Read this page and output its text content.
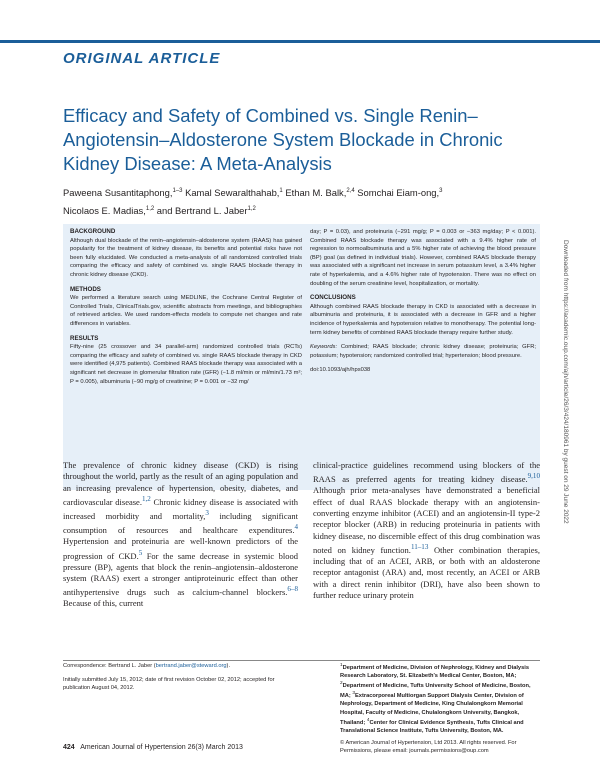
ORIGINAL ARTICLE
Efficacy and Safety of Combined vs. Single Renin–
Angiotensin–Aldosterone System Blockade in Chronic
Kidney Disease: A Meta-Analysis
Paweena Susantitaphong,$^{1-3}$ Kamal Sewaralthahab,$^1$ Ethan M. Balk,$^{2,4}$ Somchai Eiam-ong,$^3$
Nicolaos E. Madias,$^{1,2}$ and Bertrand L. Jaber$^{1,2}$

BACKGROUND

Although dual blockade of the renin–angiotensin–aldosterone system (RAAS) has gained popularity for the treatment of kidney disease, its benefits and potential risks have not been fully elucidated. We conducted a meta-analysis of all randomized controlled trials comparing the efficacy and safety of combined vs. single RAAS blockade therapy in chronic kidney disease (CKD).

METHODS

We performed a literature search using MEDLINE, the Cochrane Central Register of Controlled Trials, ClinicalTrials.gov, scientific abstracts from meetings, and bibliographies of retrieved articles. We used random-effects models to compute net changes and rate differences in variables.

RESULTS

Fifty-nine (25 crossover and 34 parallel-arm) randomized controlled trials (RCTs) comparing the efficacy and safety of combined vs. single RAAS blockade therapy in CKD were identified (4,975 patients). Combined RAAS blockade therapy was associated with a significant net decrease in glomerular filtration rate (GFR) (−1.8 ml/min or ml/min/1.73 m²; P = 0.005), albuminuria (−90 mg/g of creatinine; P = 0.001 or −32 mg/

day; P = 0.03), and proteinuria (−291 mg/g; P = 0.003 or −363 mg/day; P < 0.001). Combined RAAS blockade therapy was associated with a 9.4% higher rate of regression to normoalbuminuria and a 5% higher rate of achieving the blood pressure (BP) goal (as defined in individual trials). However, combined RAAS blockade therapy was associated with a significant net increase in serum potassium level, a 3.4% higher rate of hyperkalemia, and a 4.6% higher rate of hypotension. There was no effect on doubling of the serum creatinine level, hospitalization, or mortality.

CONCLUSIONS

Although combined RAAS blockade therapy in CKD is associated with a decrease in albuminuria and proteinuria, it is associated with a decrease in GFR and a higher incidence of hyperkalemia and hypotension relative to monotherapy. The potential long-term kidney benefits of combined RAAS blockade therapy require further study.

Keywords: Combined; RAAS blockade; chronic kidney disease; proteinuria; GFR; potassium; hypotension; randomized controlled trial; hypertension; blood pressure.

doi:10.1093/ajh/hps038

The prevalence of chronic kidney disease (CKD) is rising throughout the world, partly as the result of an aging population and an increasing prevalence of hypertension, obesity, diabetes, and cardiovascular disease.$^{1,2}$ Chronic kidney disease is associated with increased morbidity and mortality,$^3$ including significant consumption of resources and healthcare expenditures.$^4$ Hypertension and proteinuria are well-known predictors of the progression of CKD.$^5$ For the same decrease in systemic blood pressure (BP), agents that block the renin–angiotensin–aldosterone system (RAAS) exert a stronger antiproteinuric effect than other antihypertensive drugs such as calcium-channel blockers.$^{6-8}$ Because of this, current

clinical-practice guidelines recommend using blockers of the RAAS as preferred agents for treating kidney disease.$^{9,10}$ Although prior meta-analyses have demonstrated a beneficial effect of dual RAAS blockade therapy with an angiotensin-converting enzyme inhibitor (ACEI) and an angiotensin-II type-2 receptor blocker (ARB) in reducing proteinuria in patients with kidney disease, no discernible effect of this drug combination was noted on kidney function.$^{11-13}$ Other combination therapies, including that of an ACEI, ARB, or both with an aldosterone receptor antagonist (ARA) and, most recently, an ACEI or ARB with a direct renin inhibitor (DRI), have also been shown to further reduce urinary protein

Correspondence: Bertrand L. Jaber (bertrand.jaber@steward.org).

Initially submitted July 15, 2012; date of first revision October 02, 2012; accepted for publication August 04, 2012.

$^1$Department of Medicine, Division of Nephrology, Kidney and Dialysis Research Laboratory, St. Elizabeth's Medical Center, Boston, MA; $^2$Department of Medicine, Tufts University School of Medicine, Boston, MA; $^3$Extracorporeal Multiorgan Support Dialysis Center, Division of Nephrology, Department of Medicine, King Chulalongkorn Memorial Hospital, Faculty of Medicine, Chulalongkorn University, Bangkok, Thailand; $^4$Center for Clinical Evidence Synthesis, Tufts Clinical and Translational Science Institute, Tufts University, Boston, MA.

© American Journal of Hypertension, Ltd 2013. All rights reserved. For Permissions, please email: journals.permissions@oup.com

424 American Journal of Hypertension 26(3) March 2013
Downloaded from https://academic.oup.com/ajh/article/26/3/424/180961 by guest on 29 June 2022
